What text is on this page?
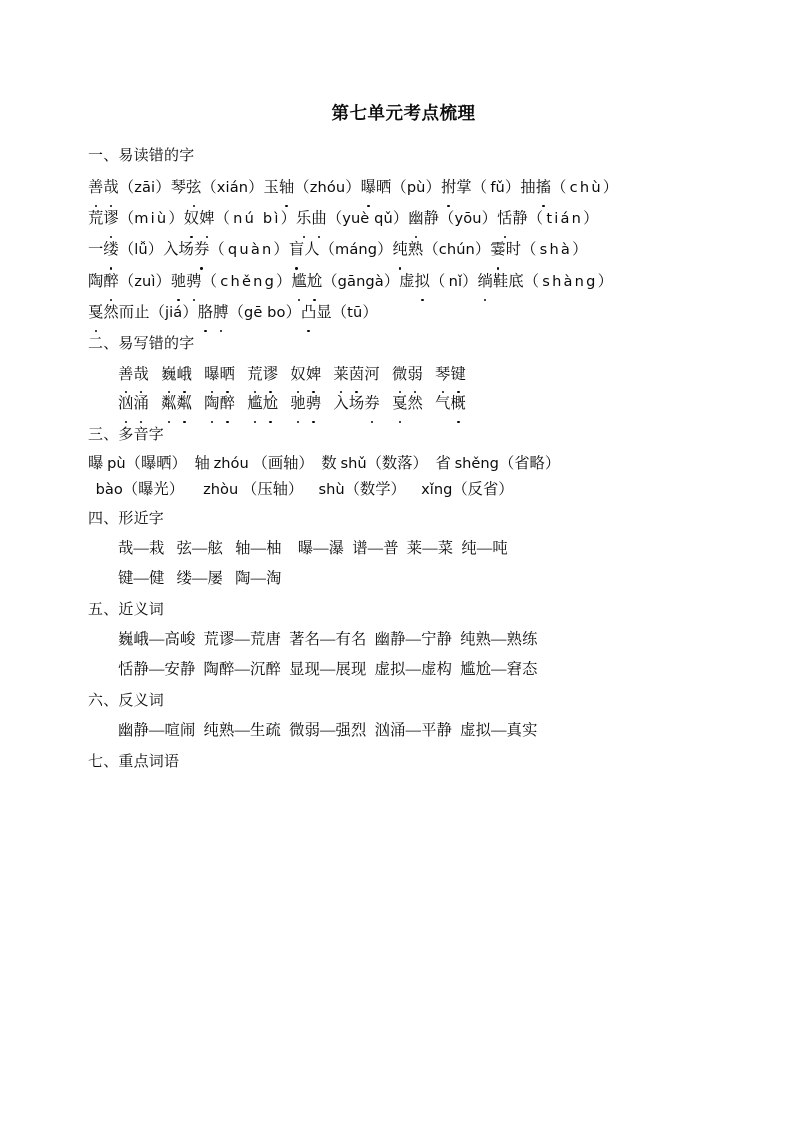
第七单元考点梳理
一、易读错的字
善哉（zāi）琴弦（xián）玉轴（zhóu）曝晒（pù）拊掌（ fǔ）抽搐（ chù）
荒谬（miù）奴婢（ nú bì）乐曲（yuè qǔ）幽静（yōu）恬静（ tián）
一缕（lǚ）入场券（ quàn）盲人（máng）纯熟（chún）霎时（ shà）
陶醉（zuì）驰骋（ chěng）尴尬（gāngà）虚拟（ nǐ）绱鞋底（ shàng）
戛然而止（jiá）胳膊（gē bo）凸显（tū）
二、易写错的字
善哉 巍峨 曝晒 荒谬 奴婢 莱茵河   微弱 琴键
汹涌 粼粼 陶醉 尴尬 驰骋   入场券 戛然   气概
三、多音字
曝 pù（曝晒）  轴 zhóu （画轴）  数 shǔ（数落）  省 shěng（省略）
bào（曝光）     zhòu （压轴）    shù（数学）    xǐng（反省）
四、形近字
哉—栽   弦—舷   轴—柚    曝—瀑  谱—普  莱—菜  纯—吨
键—健   缕—屡   陶—淘
五、近义词
巍峨—高峻  荒谬—荒唐  著名—有名  幽静—宁静  纯熟—熟练
恬静—安静  陶醉—沉醉  显现—展现  虚拟—虚构  尴尬—窘态
六、反义词
幽静—喧闹  纯熟—生疏  微弱—强烈  汹涌—平静  虚拟—真实
七、重点词语
